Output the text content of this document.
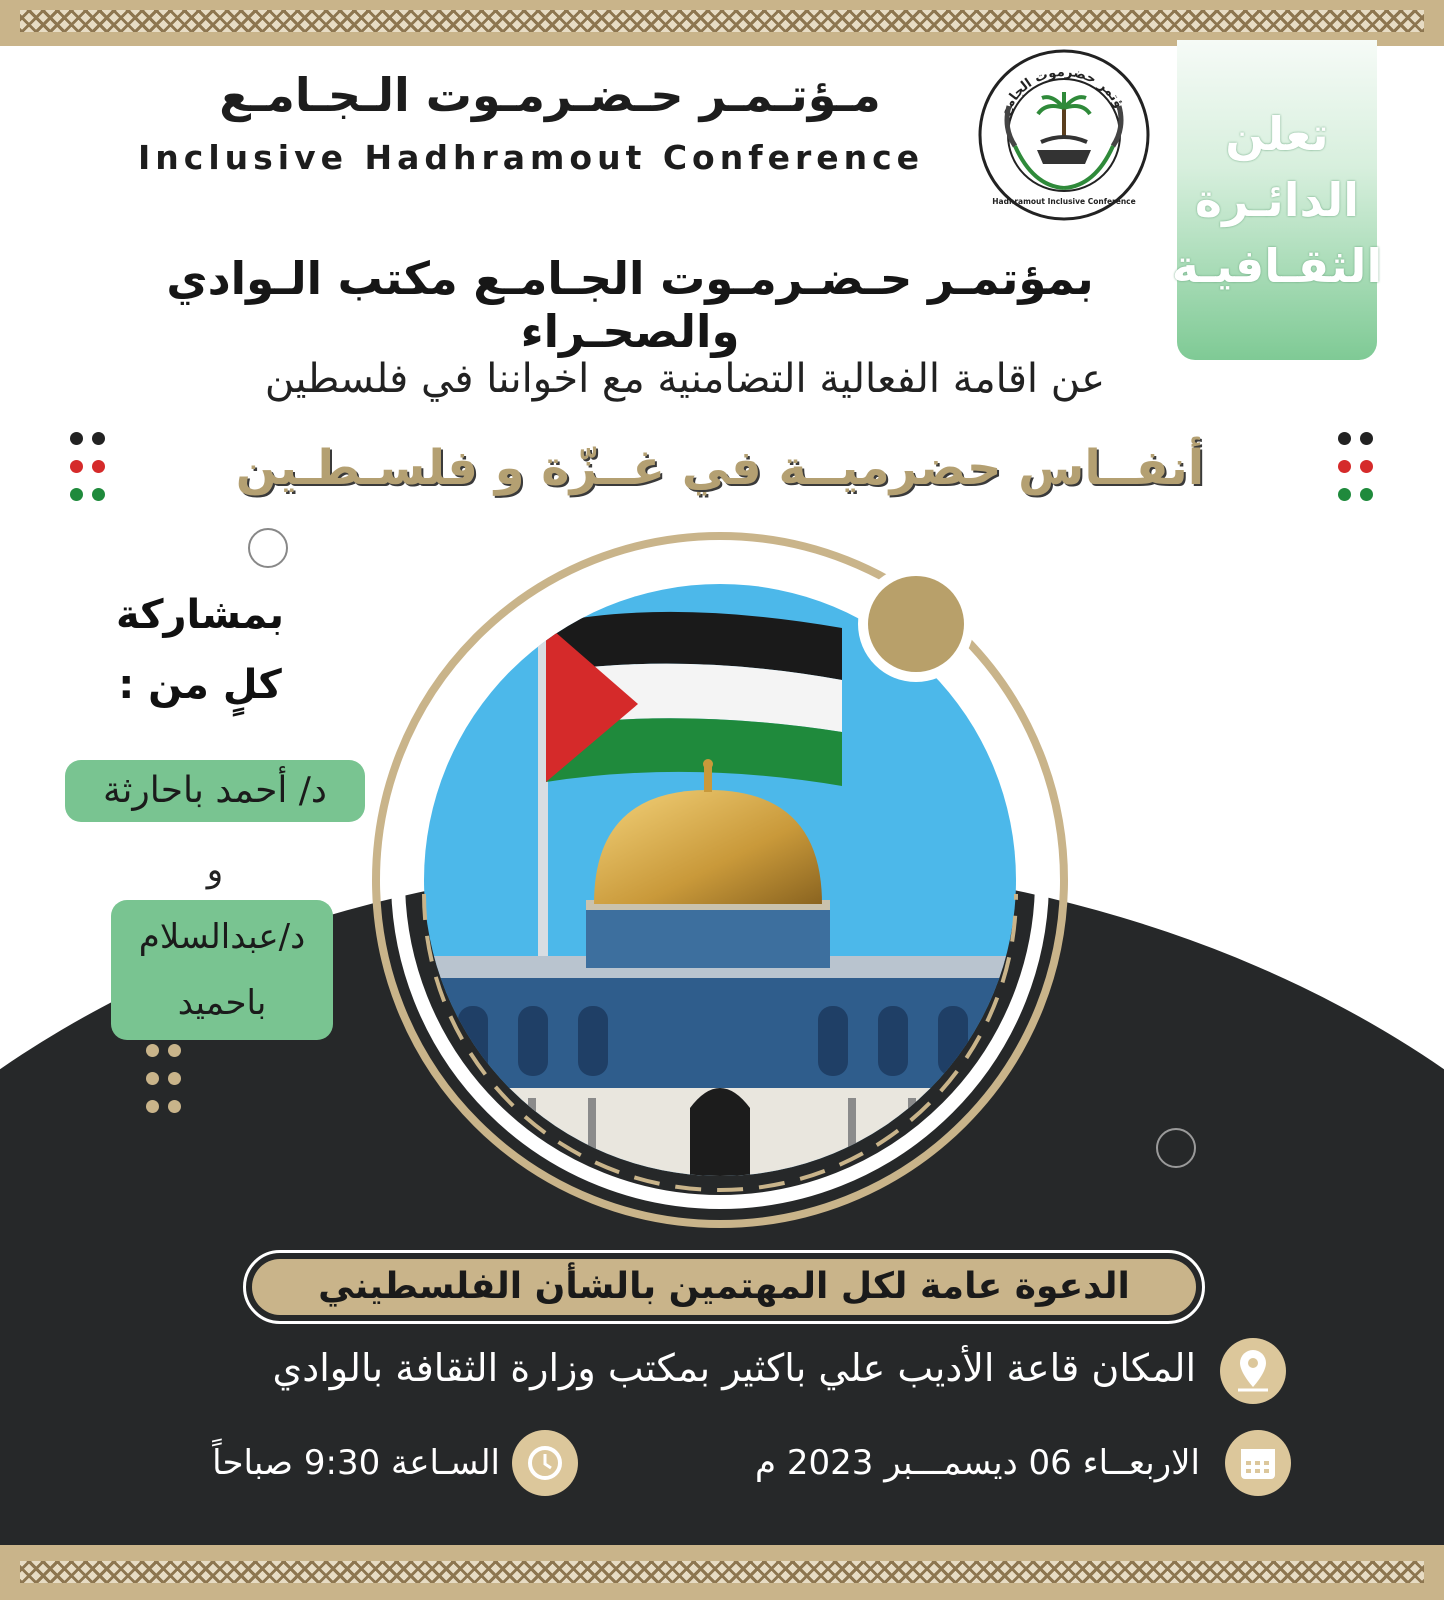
مـؤتـمـر حـضـرمـوت الـجـامـع
Inclusive Hadhramout Conference
مؤتمر حضرموت الجامع
Hadhramout Inclusive Conference
تعلن
الدائـرة
الثقـافيـة
بمؤتمـر حـضـرمـوت الجـامـع مكتب الـوادي والصحـراء
عن اقامة الفعالية التضامنية مع اخواننا في فلسطين
أنفــاس حضرميــة في غــزّة و فلسـطـين
بمشاركة
كلٍ من :
د/ أحمد باحارثة
و
د/عبدالسلام
باحميد
الدعوة عامة لكل المهتمين بالشأن الفلسطيني
المكان قاعة الأديب علي باكثير بمكتب وزارة الثقافة بالوادي
الاربعــاء 06 ديسمـــبر 2023 م
السـاعة 9:30 صباحاً
